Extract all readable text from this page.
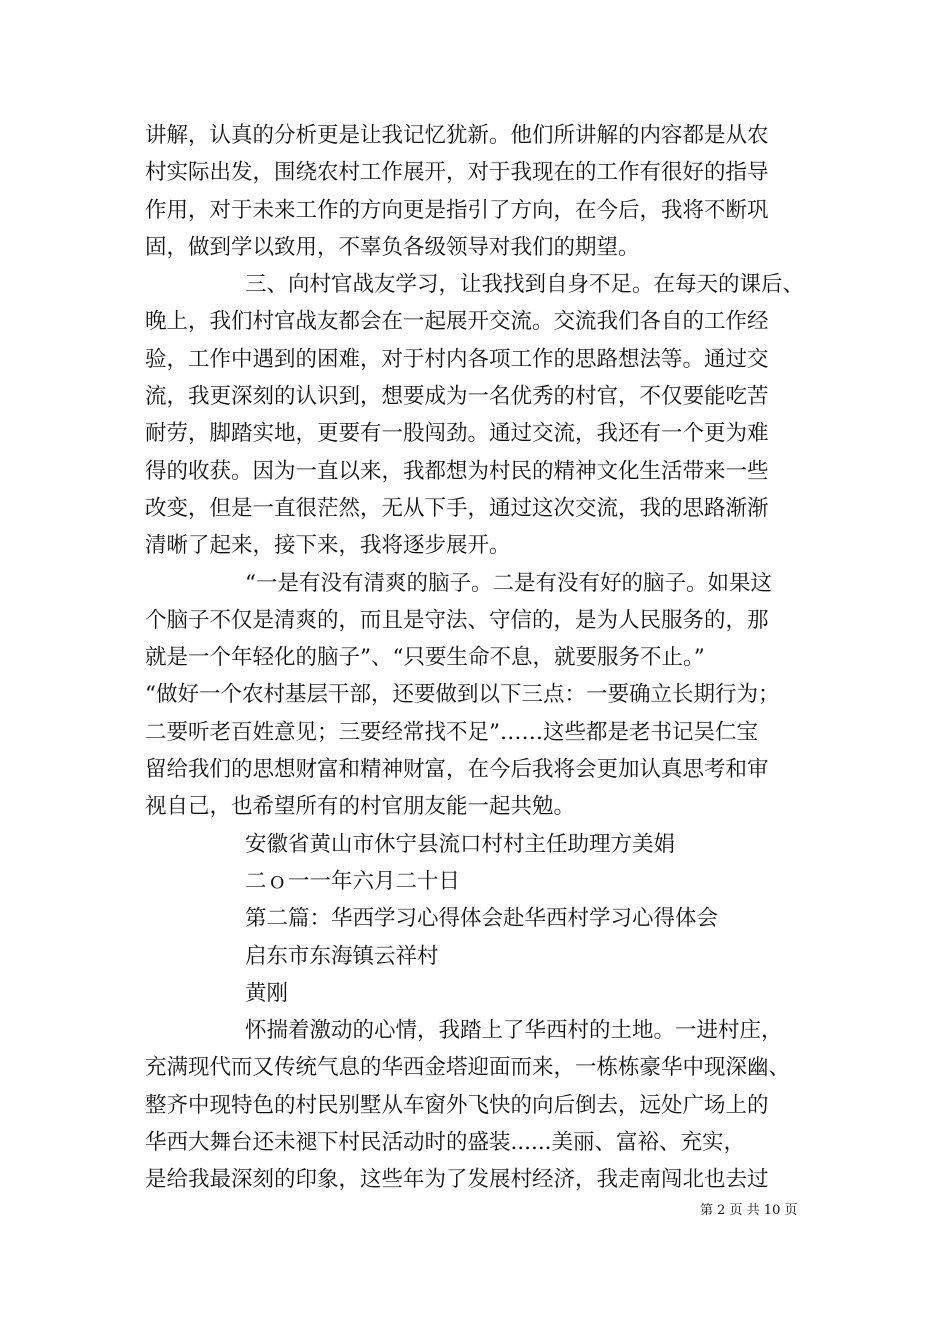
讲解，认真的分析更是让我记忆犹新。他们所讲解的内容都是从农
村实际出发，围绕农村工作展开，对于我现在的工作有很好的指导
作用，对于未来工作的方向更是指引了方向，在今后，我将不断巩
固，做到学以致用，不辜负各级领导对我们的期望。
三、向村官战友学习，让我找到自身不足。在每天的课后、
晚上，我们村官战友都会在一起展开交流。交流我们各自的工作经
验，工作中遇到的困难，对于村内各项工作的思路想法等。通过交
流，我更深刻的认识到，想要成为一名优秀的村官，不仅要能吃苦
耐劳，脚踏实地，更要有一股闯劲。通过交流，我还有一个更为难
得的收获。因为一直以来，我都想为村民的精神文化生活带来一些
改变，但是一直很茫然，无从下手，通过这次交流，我的思路渐渐
清晰了起来，接下来，我将逐步展开。
“一是有没有清爽的脑子。二是有没有好的脑子。如果这
个脑子不仅是清爽的，而且是守法、守信的，是为人民服务的，那
就是一个年轻化的脑子”、“只要生命不息，就要服务不止。”
“做好一个农村基层干部，还要做到以下三点：一要确立长期行为；
二要听老百姓意见；三要经常找不足”……这些都是老书记吴仁宝
留给我们的思想财富和精神财富，在今后我将会更加认真思考和审
视自己，也希望所有的村官朋友能一起共勉。
安徽省黄山市休宁县流口村村主任助理方美娟
二ｏ一一年六月二十日
第二篇：华西学习心得体会赴华西村学习心得体会
启东市东海镇云祥村
黄刚
怀揣着激动的心情，我踏上了华西村的土地。一进村庄，
充满现代而又传统气息的华西金塔迎面而来，一栋栋豪华中现深幽、
整齐中现特色的村民别墅从车窗外飞快的向后倒去，远处广场上的
华西大舞台还未褪下村民活动时的盛装......美丽、富裕、充实，
是给我最深刻的印象，这些年为了发展村经济，我走南闯北也去过
第 2 页 共 10 页
